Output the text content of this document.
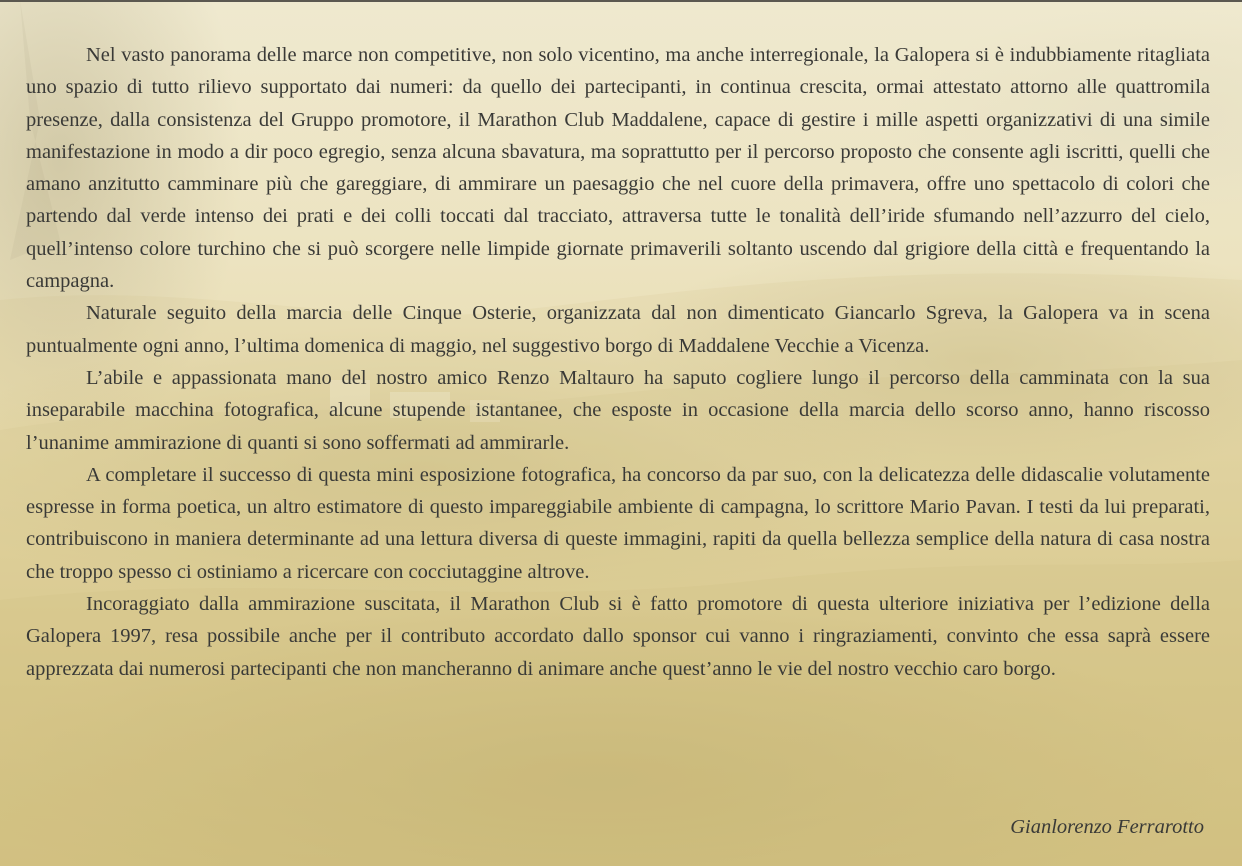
Nel vasto panorama delle marce non competitive, non solo vicentino, ma anche interregionale, la Galopera si è indubbiamente ritagliata uno spazio di tutto rilievo supportato dai numeri: da quello dei partecipanti, in continua crescita, ormai attestato attorno alle quattromila presenze, dalla consistenza del Gruppo promotore, il Marathon Club Maddalene, capace di gestire i mille aspetti organizzativi di una simile manifestazione in modo a dir poco egregio, senza alcuna sbavatura, ma soprattutto per il percorso proposto che consente agli iscritti, quelli che amano anzitutto camminare più che gareggiare, di ammirare un paesaggio che nel cuore della primavera, offre uno spettacolo di colori che partendo dal verde intenso dei prati e dei colli toccati dal tracciato, attraversa tutte le tonalità dell’iride sfumando nell’azzurro del cielo, quell’intenso colore turchino che si può scorgere nelle limpide giornate primaverili soltanto uscendo dal grigiore della città e frequentando la campagna.

Naturale seguito della marcia delle Cinque Osterie, organizzata dal non dimenticato Giancarlo Sgreva, la Galopera va in scena puntualmente ogni anno, l’ultima domenica di maggio, nel suggestivo borgo di Maddalene Vecchie a Vicenza.

L’abile e appassionata mano del nostro amico Renzo Maltauro ha saputo cogliere lungo il percorso della camminata con la sua inseparabile macchina fotografica, alcune stupende istantanee, che esposte in occasione della marcia dello scorso anno, hanno riscosso l’unanime ammirazione di quanti si sono soffermati ad ammirarle.

A completare il successo di questa mini esposizione fotografica, ha concorso da par suo, con la delicatezza delle didascalie volutamente espresse in forma poetica, un altro estimatore di questo impareggiabile ambiente di campagna, lo scrittore Mario Pavan. I testi da lui preparati, contribuiscono in maniera determinante ad una lettura diversa di queste immagini, rapiti da quella bellezza semplice della natura di casa nostra che troppo spesso ci ostiniamo a ricercare con cocciutaggine altrove.

Incoraggiato dalla ammirazione suscitata, il Marathon Club si è fatto promotore di questa ulteriore iniziativa per l’edizione della Galopera 1997, resa possibile anche per il contributo accordato dallo sponsor cui vanno i ringraziamenti, convinto che essa saprà essere apprezzata dai numerosi partecipanti che non mancheranno di animare anche quest’anno le vie del nostro vecchio caro borgo.

Gianlorenzo Ferrarotto
